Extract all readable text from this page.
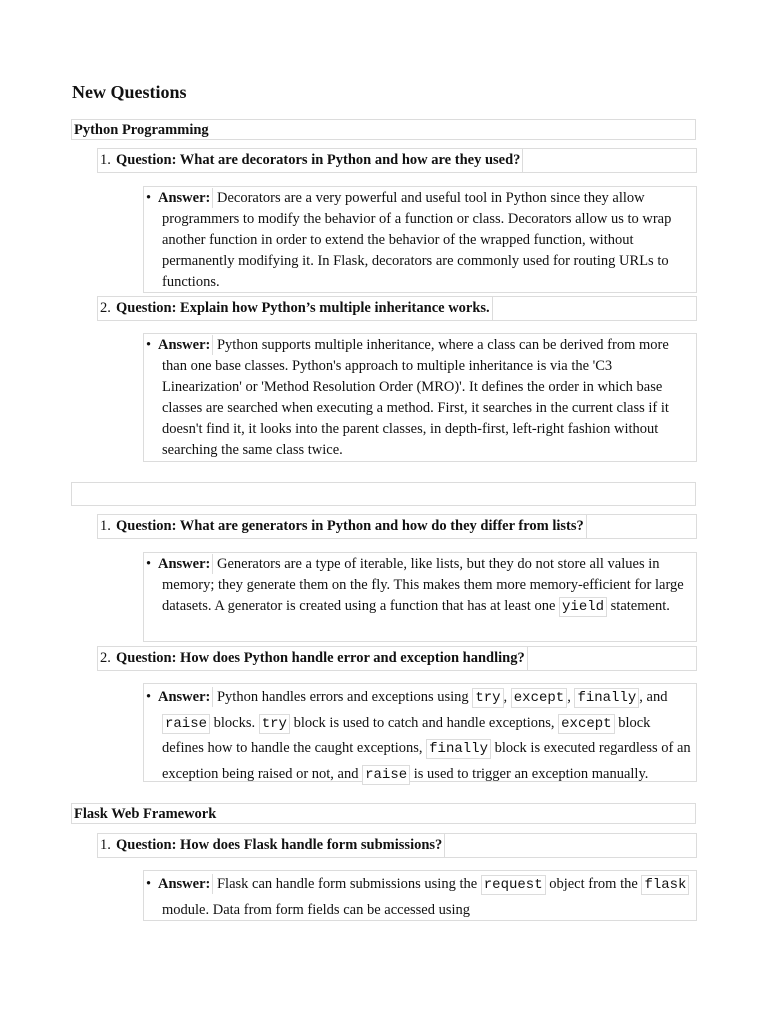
New Questions
Python Programming
1. Question: What are decorators in Python and how are they used?
• Answer: Decorators are a very powerful and useful tool in Python since they allow programmers to modify the behavior of a function or class. Decorators allow us to wrap another function in order to extend the behavior of the wrapped function, without permanently modifying it. In Flask, decorators are commonly used for routing URLs to functions.

2. Question: Explain how Python’s multiple inheritance works.
• Answer: Python supports multiple inheritance, where a class can be derived from more than one base classes. Python's approach to multiple inheritance is via the 'C3 Linearization' or 'Method Resolution Order (MRO)'. It defines the order in which base classes are searched when executing a method. First, it searches in the current class if it doesn't find it, it looks into the parent classes, in depth-first, left-right fashion without searching the same class twice.

1. Question: What are generators in Python and how do they differ from lists?
• Answer: Generators are a type of iterable, like lists, but they do not store all values in memory; they generate them on the fly. This makes them more memory-efficient for large datasets. A generator is created using a function that has at least one yield statement.

2. Question: How does Python handle error and exception handling?
• Answer: Python handles errors and exceptions using try , except , finally , and raise blocks. try block is used to catch and handle exceptions, except block defines how to handle the caught exceptions, finally block is executed regardless of an exception being raised or not, and raise is used to trigger an exception manually.

Flask Web Framework
1. Question: How does Flask handle form submissions?
• Answer: Flask can handle form submissions using the request object from the flask module. Data from form fields can be accessed using
